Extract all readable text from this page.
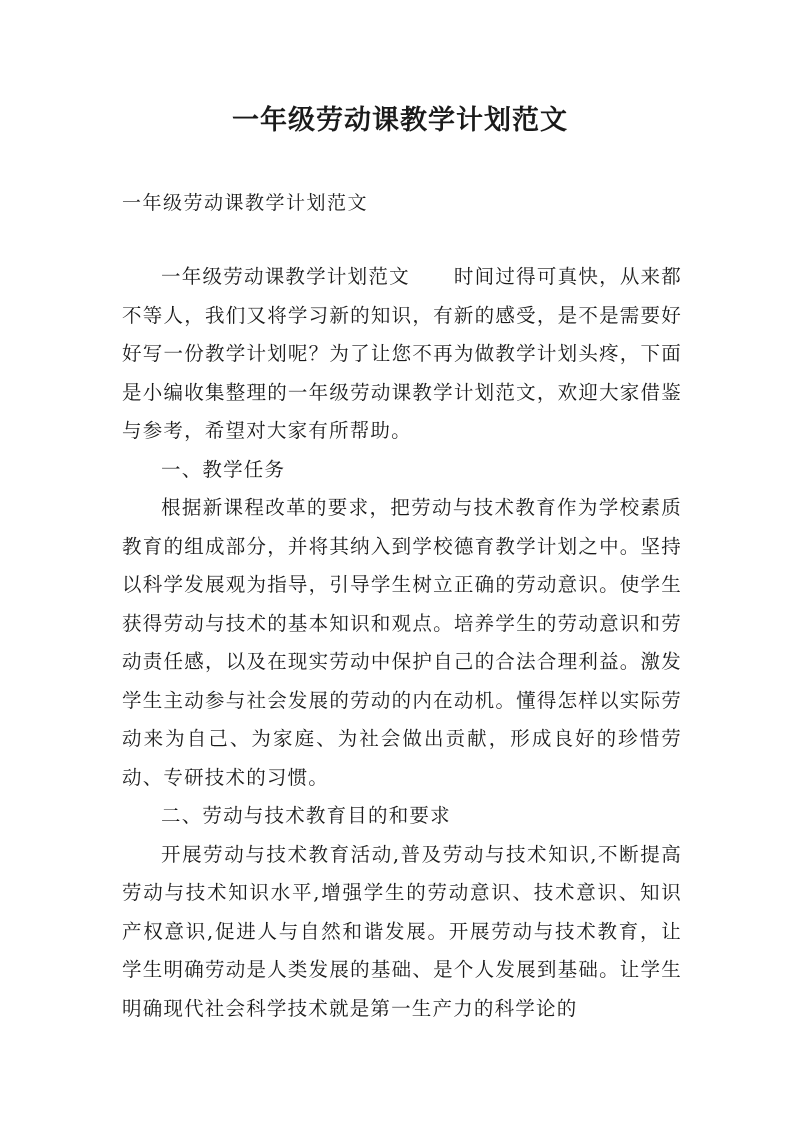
一年级劳动课教学计划范文
一年级劳动课教学计划范文

一年级劳动课教学计划范文 时间过得可真快，从来都不等人，我们又将学习新的知识，有新的感受，是不是需要好好写一份教学计划呢？为了让您不再为做教学计划头疼，下面是小编收集整理的一年级劳动课教学计划范文，欢迎大家借鉴与参考，希望对大家有所帮助。

一、教学任务

根据新课程改革的要求，把劳动与技术教育作为学校素质教育的组成部分，并将其纳入到学校德育教学计划之中。坚持以科学发展观为指导，引导学生树立正确的劳动意识。使学生获得劳动与技术的基本知识和观点。培养学生的劳动意识和劳动责任感，以及在现实劳动中保护自己的合法合理利益。激发学生主动参与社会发展的劳动的内在动机。懂得怎样以实际劳动来为自己、为家庭、为社会做出贡献，形成良好的珍惜劳动、专研技术的习惯。

二、劳动与技术教育目的和要求

开展劳动与技术教育活动,普及劳动与技术知识,不断提高劳动与技术知识水平,增强学生的劳动意识、技术意识、知识产权意识,促进人与自然和谐发展。开展劳动与技术教育，让学生明确劳动是人类发展的基础、是个人发展到基础。让学生明确现代社会科学技术就是第一生产力的科学论的
